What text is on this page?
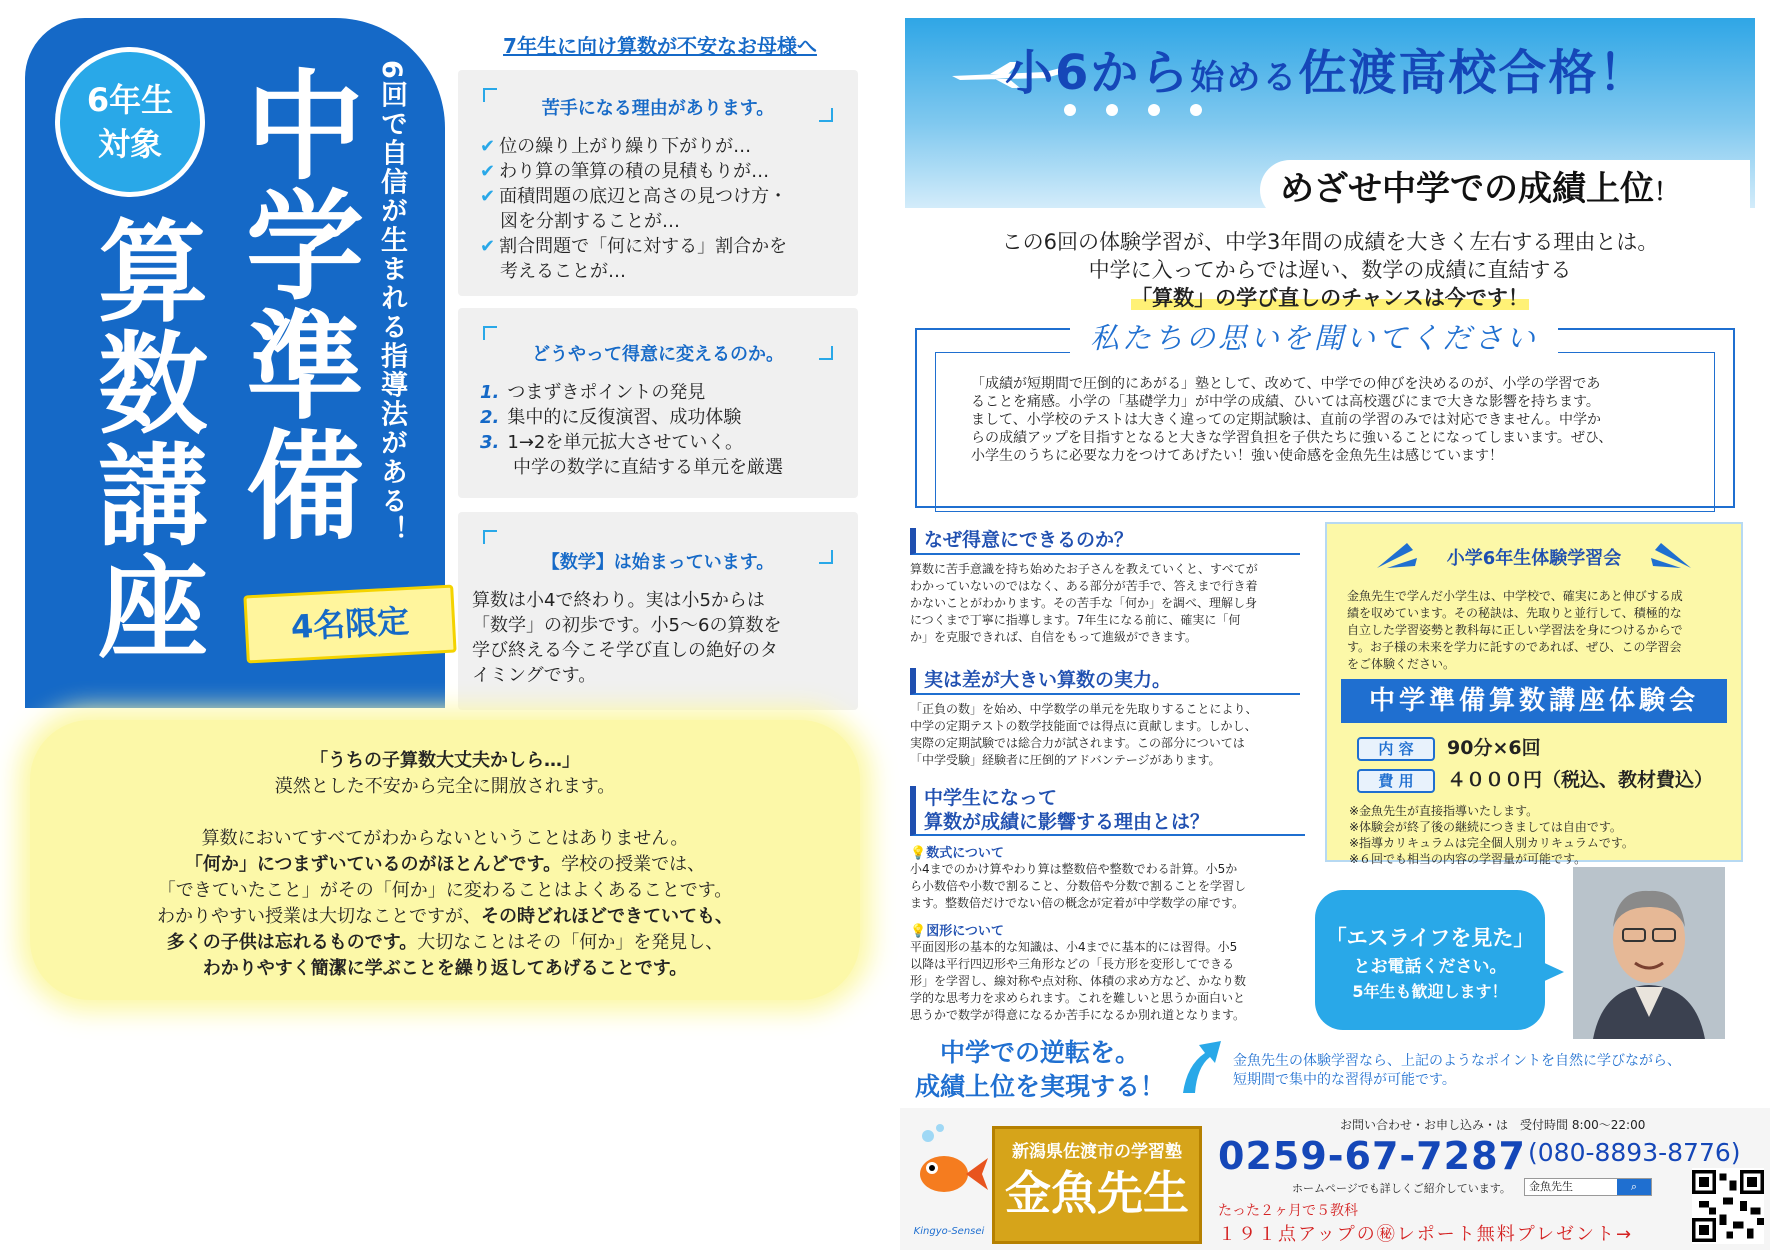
6年生
対象	6回で自信が生まれる指導法がある！
中学準備
算数講座	4名限定
7年生に向け算数が不安なお母様へ
苦手になる理由があります。
✔ 位の繰り上がり繰り下がりが…
✔ わり算の筆算の積の見積もりが…
✔ 面積問題の底辺と高さの見つけ方・
図を分割することが…
✔ 割合問題で「何に対する」割合かを
考えることが…
どうやって得意に変えるのか。
1. つまずきポイントの発見
2. 集中的に反復演習、成功体験
3. 1→2を単元拡大させていく。
中学の数学に直結する単元を厳選
【数学】は始まっています。
算数は小4で終わり。実は小5からは
「数学」の初歩です。小5〜6の算数を
学び終える今こそ学び直しの絶好のタ
イミングです。
「うちの子算数大丈夫かしら…」
漠然とした不安から完全に開放されます。
算数においてすべてがわからないということはありません。
「何か」につまずいているのがほとんどです。学校の授業では、
「できていたこと」がその「何か」に変わることはよくあることです。
わかりやすい授業は大切なことですが、その時どれほどできていても、
多くの子供は忘れるものです。大切なことはその「何か」を発見し、
わかりやすく簡潔に学ぶことを繰り返してあげることです。
小6から始める佐渡高校合格！
めざせ中学での成績上位！
この6回の体験学習が、中学3年間の成績を大きく左右する理由とは。
中学に入ってからでは遅い、数学の成績に直結する
「算数」の学び直しのチャンスは今です！
「成績が短期間で圧倒的にあがる」塾として、改めて、中学での伸びを決めるのが、小学の学習であ
ることを痛感。小学の「基礎学力」が中学の成績、ひいては高校選びにまで大きな影響を持ちます。
まして、小学校のテストは大きく違っての定期試験は、直前の学習のみでは対応できません。中学か
らの成績アップを目指すとなると大きな学習負担を子供たちに強いることになってしまいます。ぜひ、
小学生のうちに必要な力をつけてあげたい！強い使命感を金魚先生は感じています！
私たちの思いを聞いてください
なぜ得意にできるのか？
算数に苦手意識を持ち始めたお子さんを教えていくと、すべてが
わかっていないのではなく、ある部分が苦手で、答えまで行き着
かないことがわかります。その苦手な「何か」を調べ、理解し身
につくまで丁寧に指導します。7年生になる前に、確実に「何
か」を克服できれば、自信をもって進級ができます。
実は差が大きい算数の実力。
「正負の数」を始め、中学数学の単元を先取りすることにより、
中学の定期テストの数学技能面では得点に貢献します。しかし、
実際の定期試験では総合力が試されます。この部分については
「中学受験」経験者に圧倒的アドバンテージがあります。
中学生になって
算数が成績に影響する理由とは？
💡数式について
小4までのかけ算やわり算は整数倍や整数でわる計算。小5か
ら小数倍や小数で割ること、分数倍や分数で割ることを学習し
ます。整数倍だけでない倍の概念が定着が中学数学の扉です。
💡図形について
平面図形の基本的な知識は、小4までに基本的には習得。小5
以降は平行四辺形や三角形などの「長方形を変形してできる
形」を学習し、線対称や点対称、体積の求め方など、かなり数
学的な思考力を求められます。これを難しいと思うか面白いと
思うかで数学が得意になるか苦手になるか別れ道となります。
中学での逆転を。
成績上位を実現する！
金魚先生の体験学習なら、上記のようなポイントを自然に学びながら、
短期間で集中的な習得が可能です。
小学6年生体験学習会
金魚先生で学んだ小学生は、中学校で、確実にあと伸びする成
績を収めています。その秘訣は、先取りと並行して、積極的な
自立した学習姿勢と教科毎に正しい学習法を身につけるからで
す。お子様の未来を学力に託すのであれば、ぜひ、この学習会
をご体験ください。
中学準備算数講座体験会
内 容 90分×6回
費 用 ４０００円（税込、教材費込）
※金魚先生が直接指導いたします。
※体験会が終了後の継続につきましては自由です。
※指導カリキュラムは完全個人別カリキュラムです。
※６回でも相当の内容の学習量が可能です。
「エスライフを見た」
とお電話ください。
5年生も歓迎します！
Kingyo-Sensei
新潟県佐渡市の学習塾
金魚先生
お問い合わせ・お申し込み・は　受付時間 8:00〜22:00
0259-67-7287 (080-8893-8776)
ホームページでも詳しくご紹介しています。	金魚先生	⌕
たった２ヶ月で５教科
１９１点アップの㊙レポート無料プレゼント→
